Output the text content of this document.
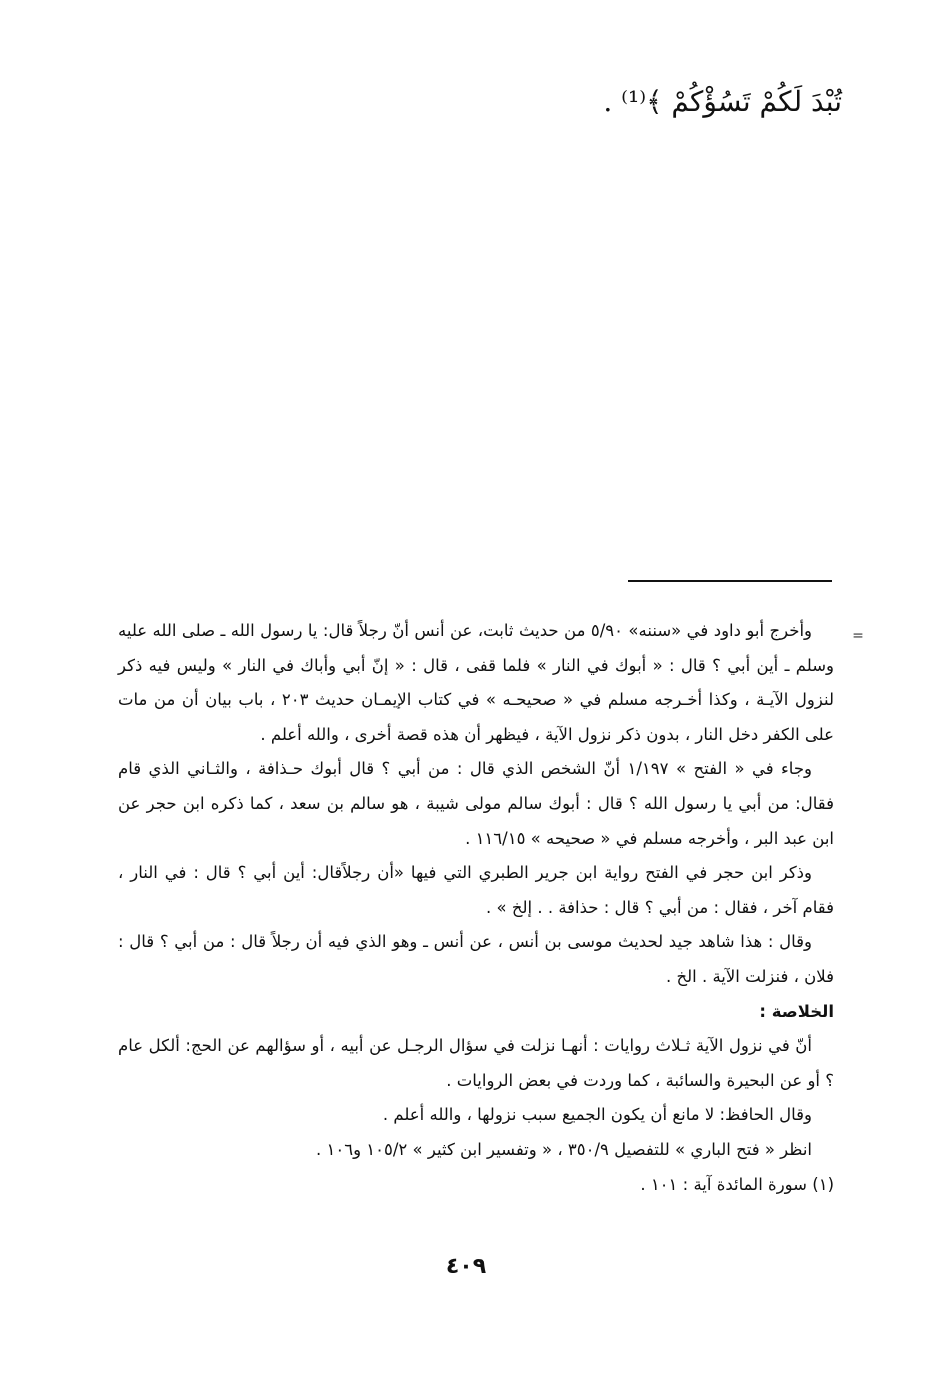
تُبْدَ لَكُمْ تَسُؤْكُمْ ﴾⁽¹⁾ .
=

وأخرج أبو داود في «سننه» ٥/٩٠ من حديث ثابت، عن أنس أنّ رجلاً قال: يا رسول الله ـ صلى الله عليه وسلم ـ أين أبي ؟ قال : « أبوك في النار » فلما قفى ، قال : « إنّ أبي وأباك في النار » وليس فيه ذكر لنزول الآيـة ، وكذا أخـرجه مسلم في « صحيحـه » في كتاب الإيمـان حديث ٢٠٣ ، باب بيان أن من مات على الكفر دخل النار ، بدون ذكر نزول الآية ، فيظهر أن هذه قصة أخرى ، والله أعلم .

وجاء في « الفتح » ١/١٩٧ أنّ الشخص الذي قال : من أبي ؟ قال أبوك حـذافة ، والثـاني الذي قام فقال: من أبي يا رسول الله ؟ قال : أبوك سالم مولى شيبة ، هو سالم بن سعد ، كما ذكره ابن حجر عن ابن عبد البر ، وأخرجه مسلم في « صحيحه » ١١٦/١٥ .

وذكر ابن حجر في الفتح رواية ابن جرير الطبري التي فيها «أن رجلاًقال: أين أبي ؟ قال : في النار ، فقام آخر ، فقال : من أبي ؟ قال : حذافة . . إلخ » .

وقال : هذا شاهد جيد لحديث موسى بن أنس ، عن أنس ـ وهو الذي فيه أن رجلاً قال : من أبي ؟ قال : فلان ، فنزلت الآية . الخ .

الخلاصة :

أنّ في نزول الآية ثـلاث روايات : أنهـا نزلت في سؤال الرجـل عن أبيه ، أو سؤالهم عن الحج: ألكل عام ؟ أو عن البحيرة والسائبة ، كما وردت في بعض الروايات .

وقال الحافظ: لا مانع أن يكون الجميع سبب نزولها ، والله أعلم .

انظر « فتح الباري » للتفصيل ٣٥٠/٩ ، « وتفسير ابن كثير » ١٠٥/٢ و١٠٦ .

(١) سورة المائدة آية : ١٠١ .

٤٠٩
